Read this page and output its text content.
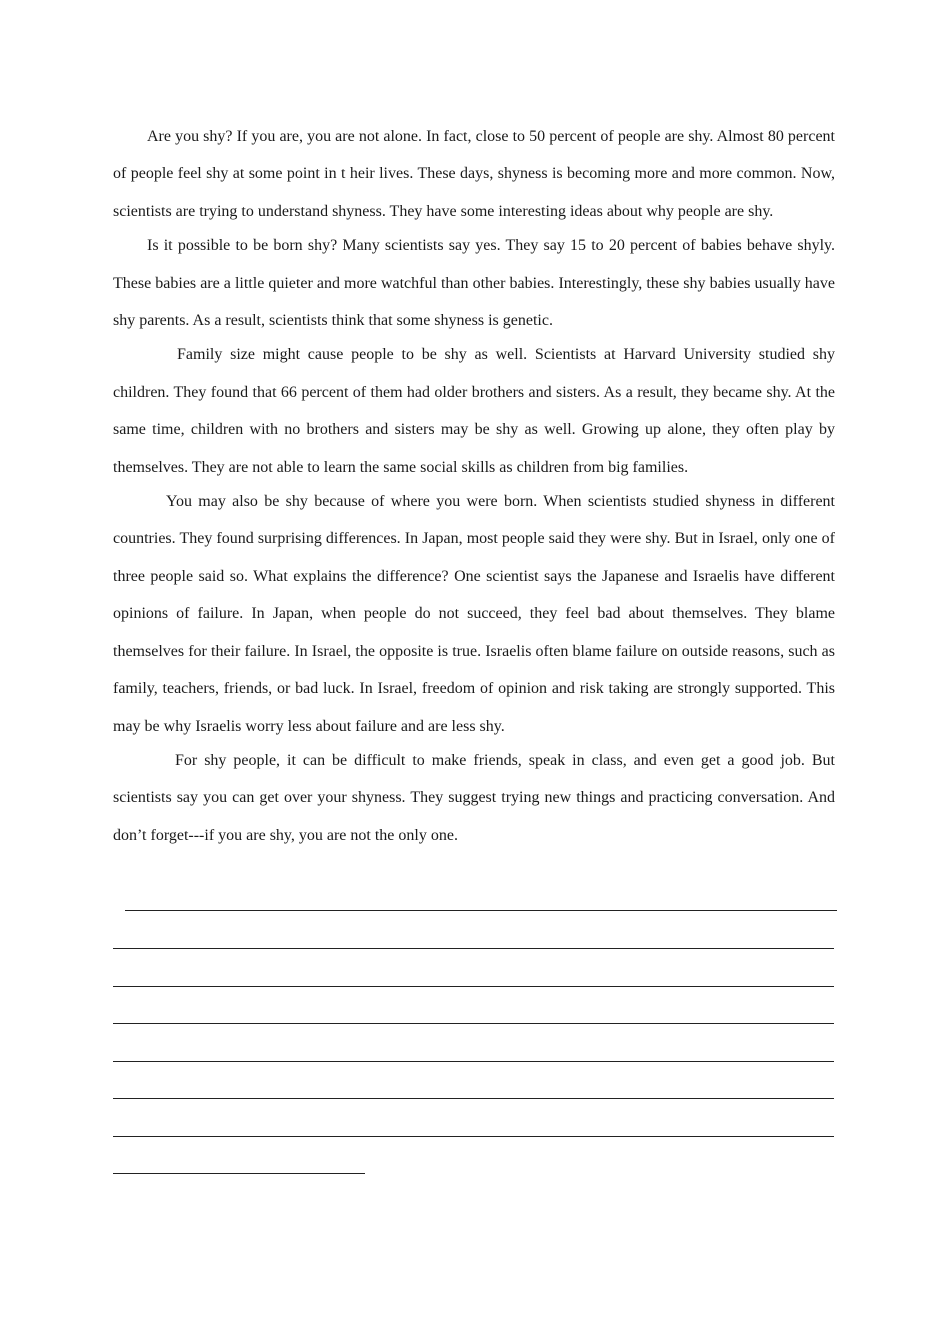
Are you shy? If you are, you are not alone. In fact, close to 50 percent of people are shy. Almost 80 percent of people feel shy at some point in t heir lives. These days, shyness is becoming more and more common. Now, scientists are trying to understand shyness. They have some interesting ideas about why people are shy.

Is it possible to be born shy? Many scientists say yes. They say 15 to 20 percent of babies behave shyly. These babies are a little quieter and more watchful than other babies. Interestingly, these shy babies usually have shy parents. As a result, scientists think that some shyness is genetic.

Family size might cause people to be shy as well. Scientists at Harvard University studied shy children. They found that 66 percent of them had older brothers and sisters. As a result, they became shy. At the same time, children with no brothers and sisters may be shy as well. Growing up alone, they often play by themselves. They are not able to learn the same social skills as children from big families.

You may also be shy because of where you were born. When scientists studied shyness in different countries. They found surprising differences. In Japan, most people said they were shy. But in Israel, only one of three people said so. What explains the difference? One scientist says the Japanese and Israelis have different opinions of failure. In Japan, when people do not succeed, they feel bad about themselves. They blame themselves for their failure. In Israel, the opposite is true. Israelis often blame failure on outside reasons, such as family, teachers, friends, or bad luck. In Israel, freedom of opinion and risk taking are strongly supported. This may be why Israelis worry less about failure and are less shy.

For shy people, it can be difficult to make friends, speak in class, and even get a good job. But scientists say you can get over your shyness. They suggest trying new things and practicing conversation. And don’t forget---if you are shy, you are not the only one.
